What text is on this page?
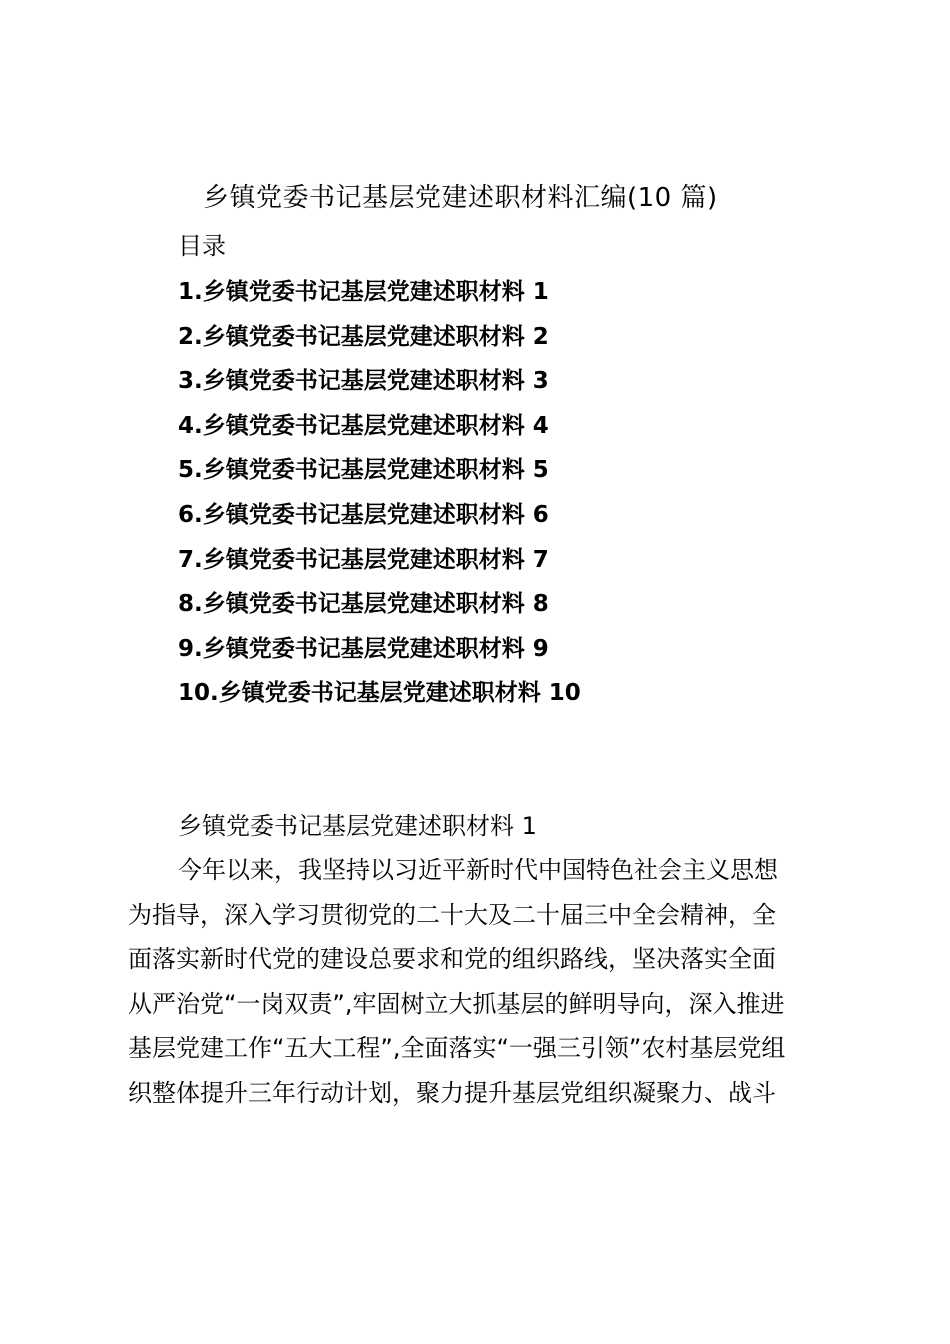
乡镇党委书记基层党建述职材料汇编(10 篇)
目录
1.乡镇党委书记基层党建述职材料 1
2.乡镇党委书记基层党建述职材料 2
3.乡镇党委书记基层党建述职材料 3
4.乡镇党委书记基层党建述职材料 4
5.乡镇党委书记基层党建述职材料 5
6.乡镇党委书记基层党建述职材料 6
7.乡镇党委书记基层党建述职材料 7
8.乡镇党委书记基层党建述职材料 8
9.乡镇党委书记基层党建述职材料 9
10.乡镇党委书记基层党建述职材料 10
乡镇党委书记基层党建述职材料 1

今年以来，我坚持以习近平新时代中国特色社会主义思想
为指导，深入学习贯彻党的二十大及二十届三中全会精神，全
面落实新时代党的建设总要求和党的组织路线，坚决落实全面
从严治党“一岗双责”,牢固树立大抓基层的鲜明导向，深入推进
基层党建工作“五大工程”,全面落实“一强三引领”农村基层党组
织整体提升三年行动计划，聚力提升基层党组织凝聚力、战斗
